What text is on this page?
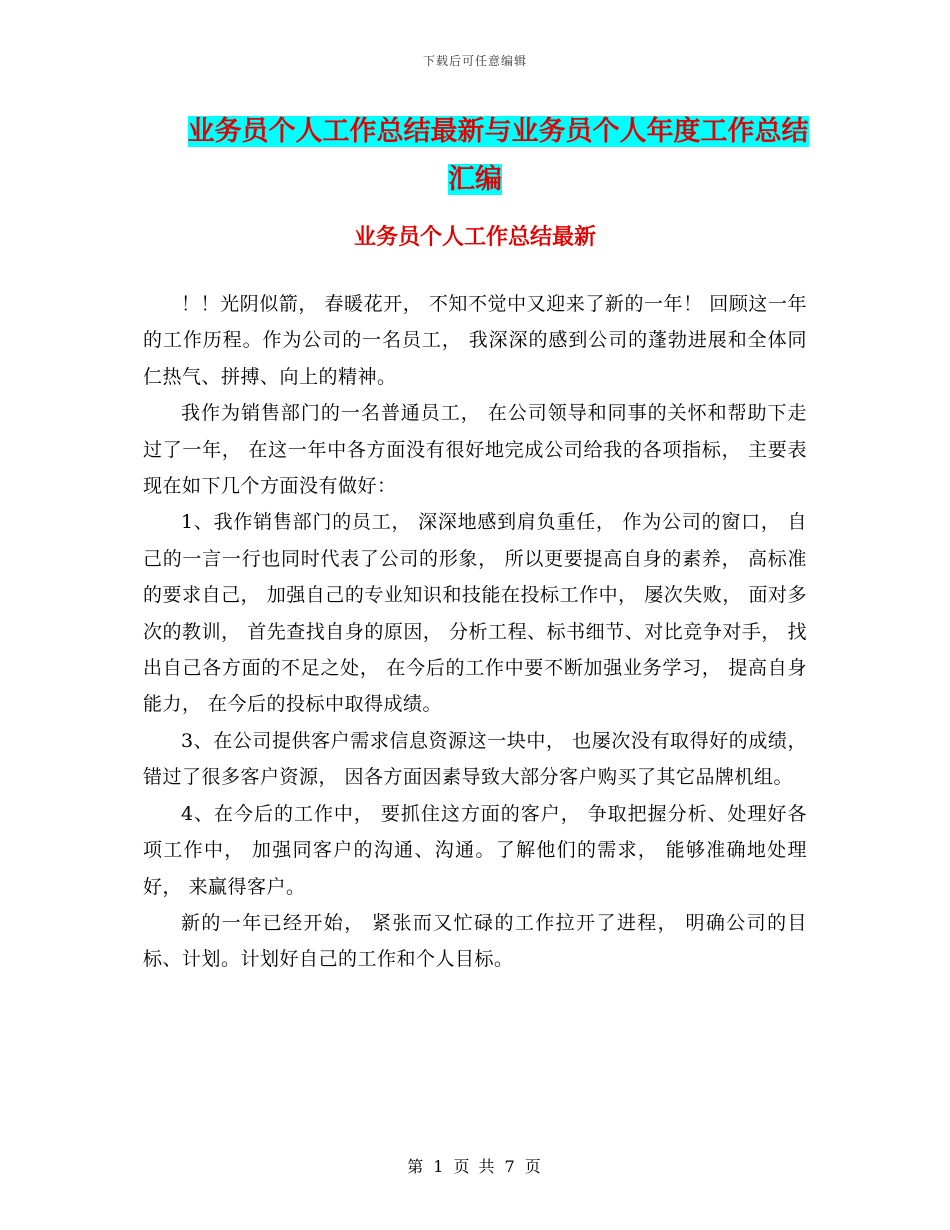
下载后可任意编辑
业务员个人工作总结最新与业务员个人年度工作总结
汇编
业务员个人工作总结最新

！！光阴似箭， 春暖花开， 不知不觉中又迎来了新的一年！ 回顾这一年的工作历程。作为公司的一名员工， 我深深的感到公司的蓬勃进展和全体同仁热气、拼搏、向上的精神。

我作为销售部门的一名普通员工， 在公司领导和同事的关怀和帮助下走过了一年， 在这一年中各方面没有很好地完成公司给我的各项指标， 主要表现在如下几个方面没有做好：

1、我作销售部门的员工， 深深地感到肩负重任， 作为公司的窗口， 自己的一言一行也同时代表了公司的形象， 所以更要提高自身的素养， 高标准的要求自己， 加强自己的专业知识和技能在投标工作中， 屡次失败， 面对多次的教训， 首先查找自身的原因， 分析工程、标书细节、对比竞争对手， 找出自己各方面的不足之处， 在今后的工作中要不断加强业务学习， 提高自身能力， 在今后的投标中取得成绩。

3、在公司提供客户需求信息资源这一块中， 也屡次没有取得好的成绩， 错过了很多客户资源， 因各方面因素导致大部分客户购买了其它品牌机组。

4、在今后的工作中， 要抓住这方面的客户， 争取把握分析、处理好各项工作中， 加强同客户的沟通、沟通。了解他们的需求， 能够准确地处理好， 来赢得客户。

新的一年已经开始， 紧张而又忙碌的工作拉开了进程， 明确公司的目标、计划。计划好自己的工作和个人目标。

第 1 页 共 7 页
